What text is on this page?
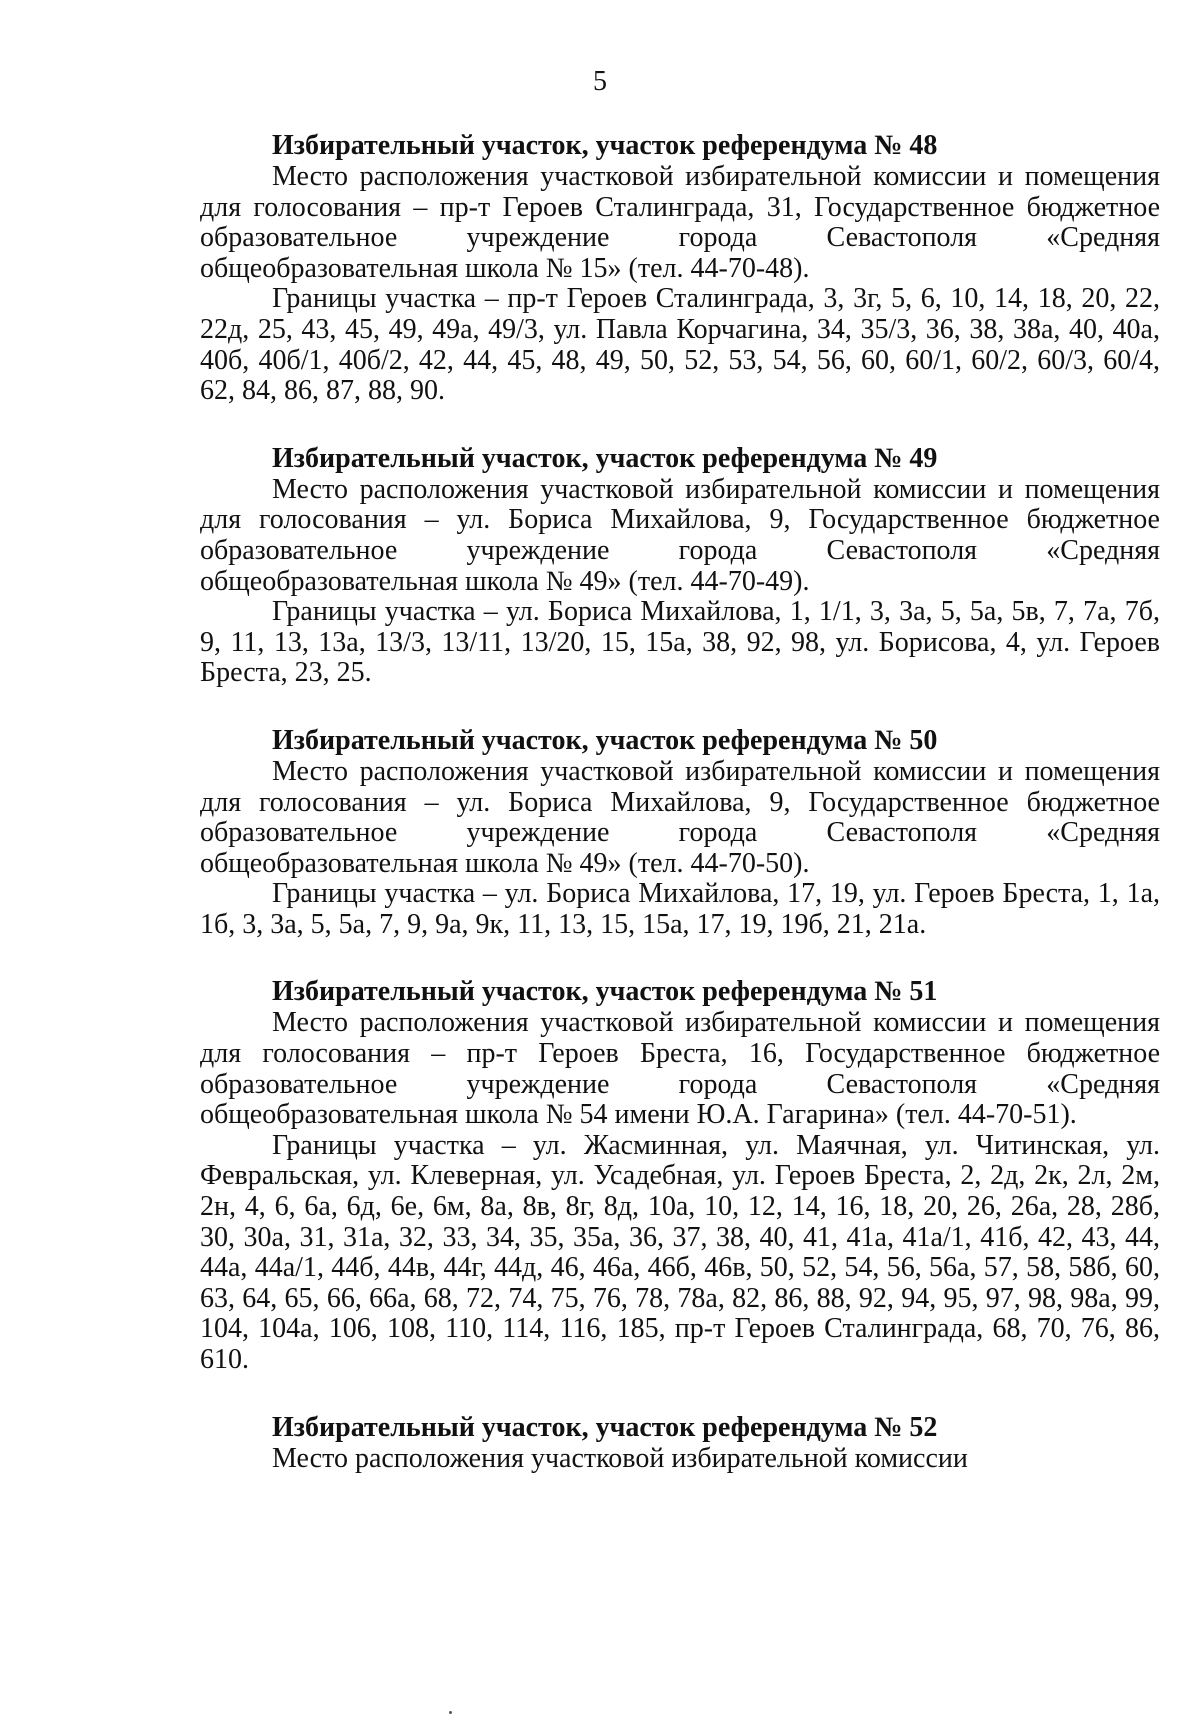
5
Избирательный участок, участок референдума № 48

Место расположения участковой избирательной комиссии и помещения для голосования – пр-т Героев Сталинграда, 31, Государственное бюджетное образовательное учреждение города Севастополя «Средняя общеобразовательная школа № 15» (тел. 44-70-48).

Границы участка – пр-т Героев Сталинграда, 3, 3г, 5, 6, 10, 14, 18, 20, 22, 22д, 25, 43, 45, 49, 49а, 49/3, ул. Павла Корчагина, 34, 35/3, 36, 38, 38а, 40, 40а, 40б, 40б/1, 40б/2, 42, 44, 45, 48, 49, 50, 52, 53, 54, 56, 60, 60/1, 60/2, 60/3, 60/4, 62, 84, 86, 87, 88, 90.

Избирательный участок, участок референдума № 49

Место расположения участковой избирательной комиссии и помещения для голосования – ул. Бориса Михайлова, 9, Государственное бюджетное образовательное учреждение города Севастополя «Средняя общеобразовательная школа № 49» (тел. 44-70-49).

Границы участка – ул. Бориса Михайлова, 1, 1/1, 3, 3а, 5, 5а, 5в, 7, 7а, 7б, 9, 11, 13, 13а, 13/3, 13/11, 13/20, 15, 15а, 38, 92, 98, ул. Борисова, 4, ул. Героев Бреста, 23, 25.

Избирательный участок, участок референдума № 50

Место расположения участковой избирательной комиссии и помещения для голосования – ул. Бориса Михайлова, 9, Государственное бюджетное образовательное учреждение города Севастополя «Средняя общеобразовательная школа № 49» (тел. 44-70-50).

Границы участка – ул. Бориса Михайлова, 17, 19, ул. Героев Бреста, 1, 1а, 1б, 3, 3а, 5, 5а, 7, 9, 9а, 9к, 11, 13, 15, 15а, 17, 19, 19б, 21, 21а.

Избирательный участок, участок референдума № 51

Место расположения участковой избирательной комиссии и помещения для голосования – пр-т Героев Бреста, 16, Государственное бюджетное образовательное учреждение города Севастополя «Средняя общеобразовательная школа № 54 имени Ю.А. Гагарина» (тел. 44-70-51).

Границы участка – ул. Жасминная, ул. Маячная, ул. Читинская, ул. Февральская, ул. Клеверная, ул. Усадебная, ул. Героев Бреста, 2, 2д, 2к, 2л, 2м, 2н, 4, 6, 6а, 6д, 6е, 6м, 8а, 8в, 8г, 8д, 10а, 10, 12, 14, 16, 18, 20, 26, 26а, 28, 28б, 30, 30а, 31, 31а, 32, 33, 34, 35, 35а, 36, 37, 38, 40, 41, 41а, 41а/1, 41б, 42, 43, 44, 44а, 44а/1, 44б, 44в, 44г, 44д, 46, 46а, 46б, 46в, 50, 52, 54, 56, 56а, 57, 58, 58б, 60, 63, 64, 65, 66, 66а, 68, 72, 74, 75, 76, 78, 78а, 82, 86, 88, 92, 94, 95, 97, 98, 98а, 99, 104, 104а, 106, 108, 110, 114, 116, 185, пр-т Героев Сталинграда, 68, 70, 76, 86, 610.

Избирательный участок, участок референдума № 52

Место расположения участковой избирательной комиссии
